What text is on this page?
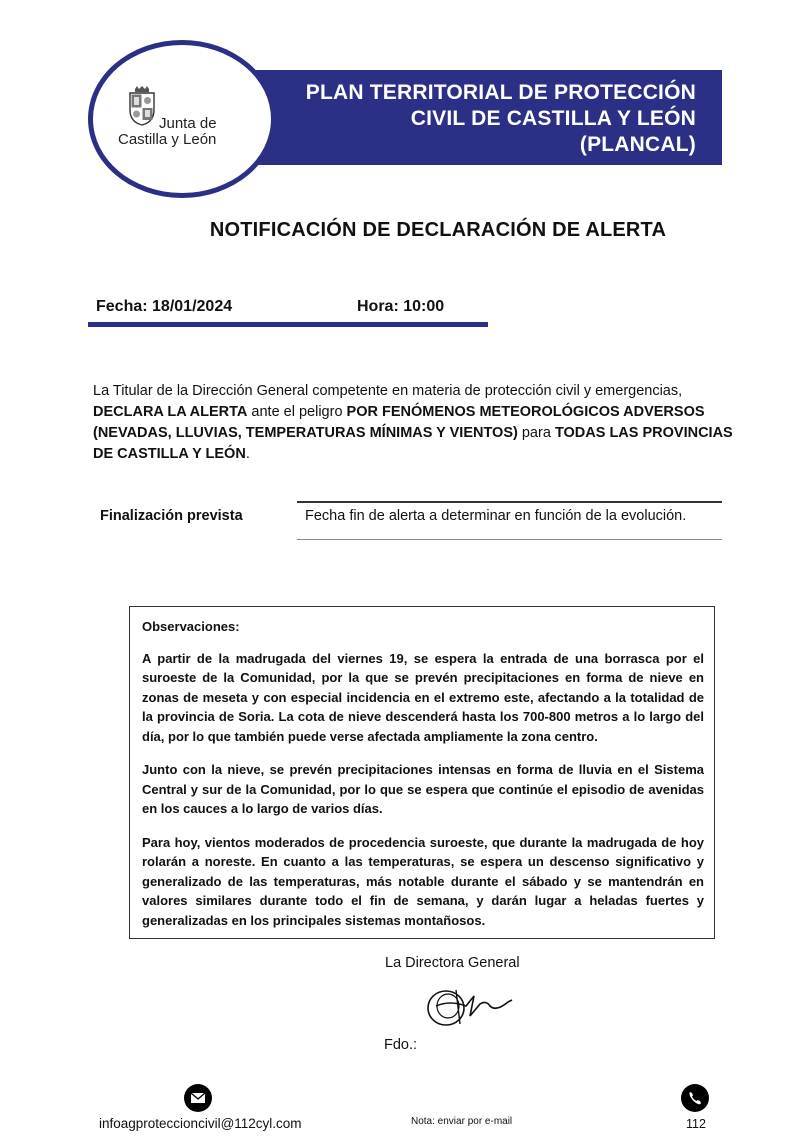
PLAN TERRITORIAL DE PROTECCIÓN
CIVIL DE CASTILLA Y LEÓN
(PLANCAL)
Junta de
Castilla y León
NOTIFICACIÓN DE DECLARACIÓN DE ALERTA
Fecha: 18/01/2024	Hora: 10:00
La Titular de la Dirección General competente en materia de protección civil y emergencias, DECLARA LA ALERTA ante el peligro POR FENÓMENOS METEOROLÓGICOS ADVERSOS (NEVADAS, LLUVIAS, TEMPERATURAS MÍNIMAS Y VIENTOS) para TODAS LAS PROVINCIAS DE CASTILLA Y LEÓN.
Finalización prevista	Fecha fin de alerta a determinar en función de la evolución.

Observaciones:

A partir de la madrugada del viernes 19, se espera la entrada de una borrasca por el suroeste de la Comunidad, por la que se prevén precipitaciones en forma de nieve en zonas de meseta y con especial incidencia en el extremo este, afectando a la totalidad de la provincia de Soria. La cota de nieve descenderá hasta los 700-800 metros a lo largo del día, por lo que también puede verse afectada ampliamente la zona centro.

Junto con la nieve, se prevén precipitaciones intensas en forma de lluvia en el Sistema Central y sur de la Comunidad, por lo que se espera que continúe el episodio de avenidas en los cauces a lo largo de varios días.

Para hoy, vientos moderados de procedencia suroeste, que durante la madrugada de hoy rolarán a noreste. En cuanto a las temperaturas, se espera un descenso significativo y generalizado de las temperaturas, más notable durante el sábado y se mantendrán en valores similares durante todo el fin de semana, y darán lugar a heladas fuertes y generalizadas en los principales sistemas montañosos.

La Directora General
Fdo.:
infoagproteccioncivil@112cyl.com	Nota: enviar por e-mail	112
